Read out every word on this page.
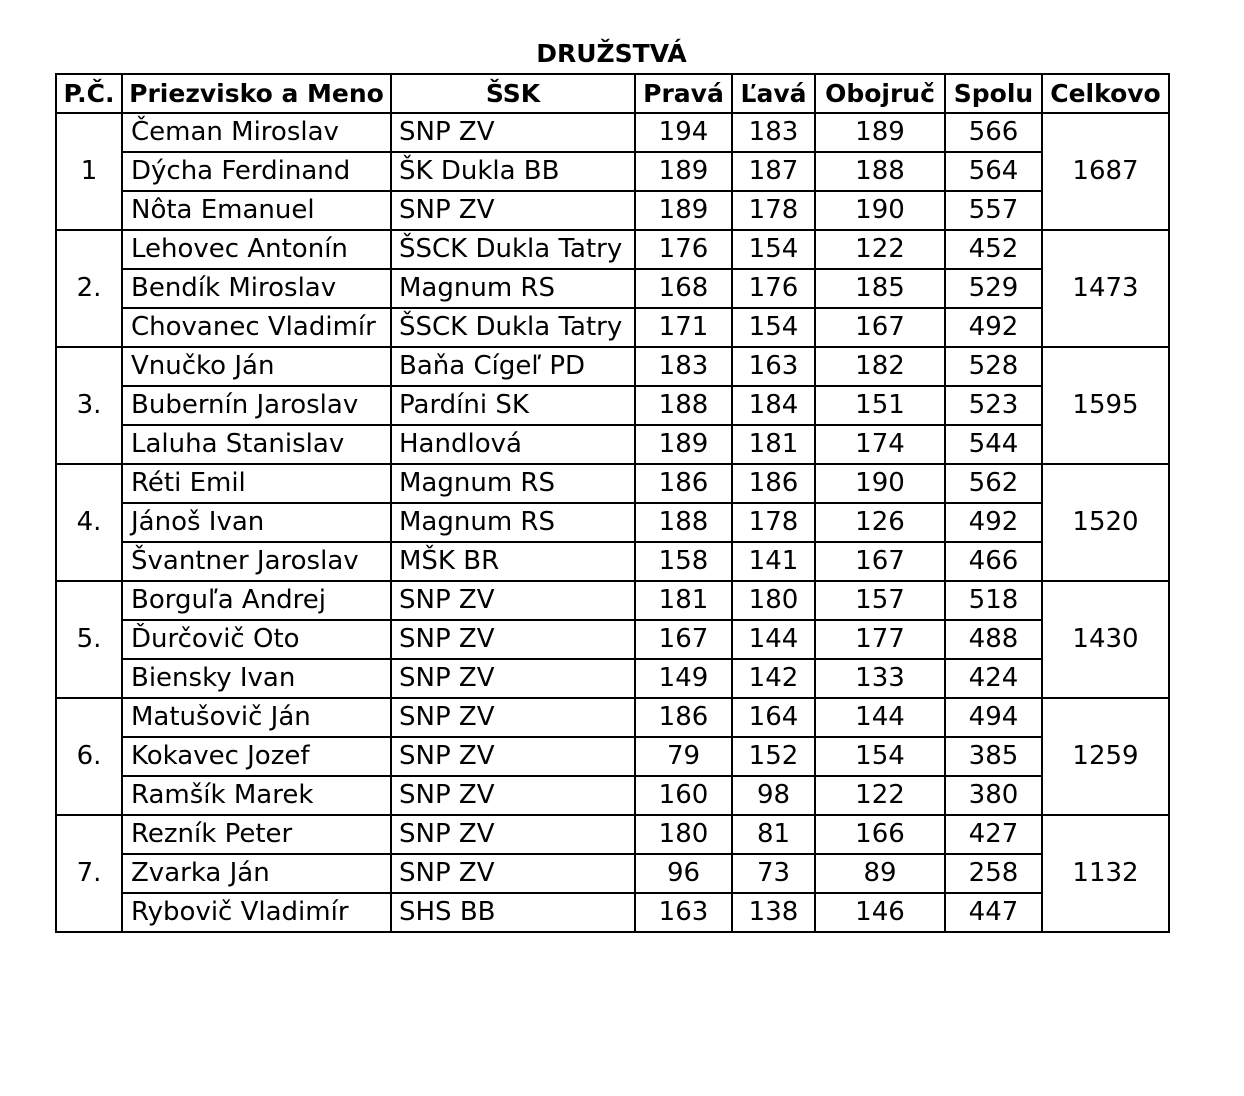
DRUŽSTVÁ
P.Č.	Priezvisko a Meno	ŠSK	Pravá	Ľavá	Obojruč	Spolu	Celkovo
1	Čeman Miroslav	SNP ZV	194	183	189	566	1687
	Dýcha Ferdinand	ŠK Dukla BB	189	187	188	564	
	Nôta Emanuel	SNP ZV	189	178	190	557	
2.	Lehovec Antonín	ŠSCK Dukla Tatry	176	154	122	452	1473
	Bendík Miroslav	Magnum RS	168	176	185	529	
	Chovanec Vladimír	ŠSCK Dukla Tatry	171	154	167	492	
3.	Vnučko Ján	Baňa Cígeľ PD	183	163	182	528	1595
	Bubernín Jaroslav	Pardíni SK	188	184	151	523	
	Laluha Stanislav	Handlová	189	181	174	544	
4.	Réti Emil	Magnum RS	186	186	190	562	1520
	Jánoš Ivan	Magnum RS	188	178	126	492	
	Švantner Jaroslav	MŠK BR	158	141	167	466	
5.	Borguľa Andrej	SNP ZV	181	180	157	518	1430
	Ďurčovič Oto	SNP ZV	167	144	177	488	
	Biensky Ivan	SNP ZV	149	142	133	424	
6.	Matušovič Ján	SNP ZV	186	164	144	494	1259
	Kokavec Jozef	SNP ZV	79	152	154	385	
	Ramšík Marek	SNP ZV	160	98	122	380	
7.	Rezník Peter	SNP ZV	180	81	166	427	1132
	Zvarka Ján	SNP ZV	96	73	89	258	
	Rybovič Vladimír	SHS BB	163	138	146	447	
